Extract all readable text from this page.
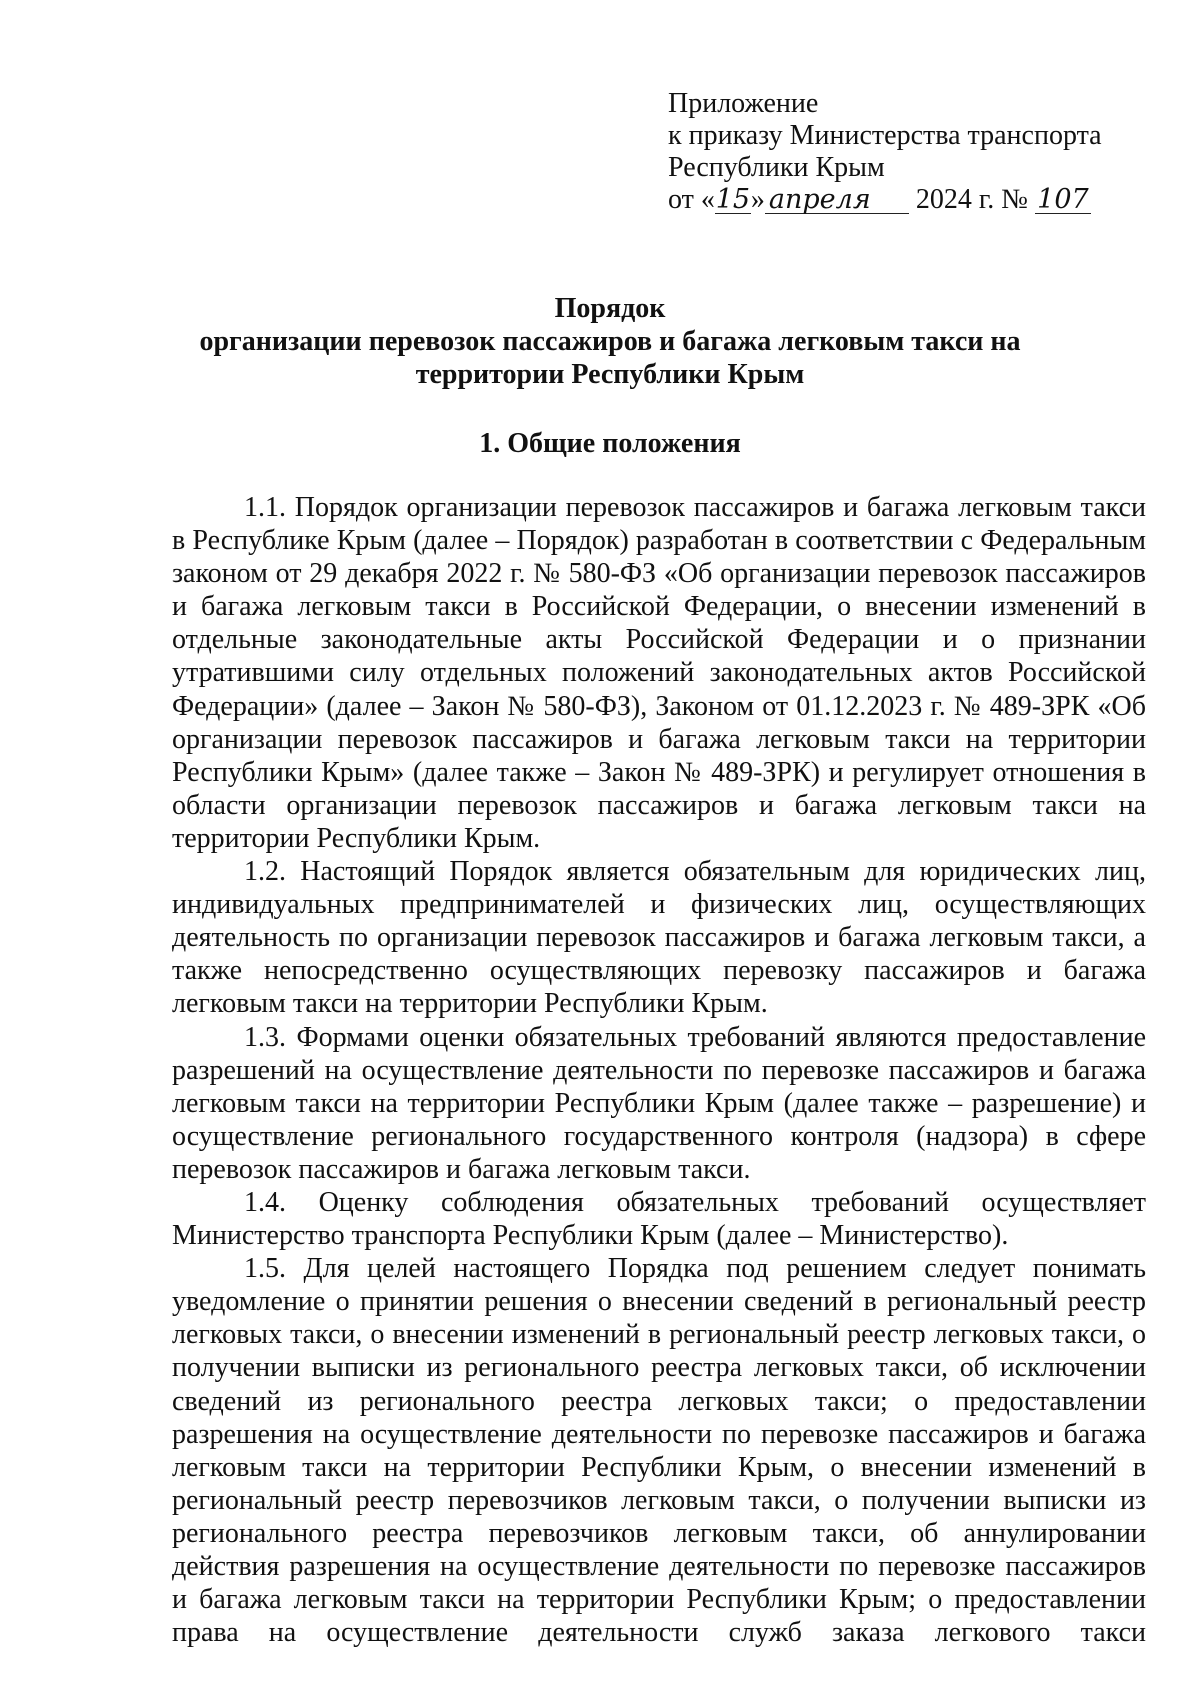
Приложение
к приказу Министерства транспорта
Республики Крым
от «15» апреля 2024 г. № 107
Порядок
организации перевозок пассажиров и багажа легковым такси на
территории Республики Крым
1. Общие положения

1.1. Порядок организации перевозок пассажиров и багажа легковым такси в Республике Крым (далее – Порядок) разработан в соответствии с Федеральным законом от 29 декабря 2022 г. № 580-ФЗ «Об организации перевозок пассажиров и багажа легковым такси в Российской Федерации, о внесении изменений в отдельные законодательные акты Российской Федерации и о признании утратившими силу отдельных положений законодательных актов Российской Федерации» (далее – Закон № 580-ФЗ), Законом от 01.12.2023 г. № 489-ЗРК «Об организации перевозок пассажиров и багажа легковым такси на территории Республики Крым» (далее также – Закон № 489-ЗРК) и регулирует отношения в области организации перевозок пассажиров и багажа легковым такси на территории Республики Крым.

1.2. Настоящий Порядок является обязательным для юридических лиц, индивидуальных предпринимателей и физических лиц, осуществляющих деятельность по организации перевозок пассажиров и багажа легковым такси, а также непосредственно осуществляющих перевозку пассажиров и багажа легковым такси на территории Республики Крым.

1.3. Формами оценки обязательных требований являются предоставление разрешений на осуществление деятельности по перевозке пассажиров и багажа легковым такси на территории Республики Крым (далее также – разрешение) и осуществление регионального государственного контроля (надзора) в сфере перевозок пассажиров и багажа легковым такси.

1.4. Оценку соблюдения обязательных требований осуществляет Министерство транспорта Республики Крым (далее – Министерство).

1.5. Для целей настоящего Порядка под решением следует понимать уведомление о принятии решения о внесении сведений в региональный реестр легковых такси, о внесении изменений в региональный реестр легковых такси, о получении выписки из регионального реестра легковых такси, об исключении сведений из регионального реестра легковых такси; о предоставлении разрешения на осуществление деятельности по перевозке пассажиров и багажа легковым такси на территории Республики Крым, о внесении изменений в региональный реестр перевозчиков легковым такси, о получении выписки из регионального реестра перевозчиков легковым такси, об аннулировании действия разрешения на осуществление деятельности по перевозке пассажиров и багажа легковым такси на территории Республики Крым; о предоставлении права на осуществление деятельности служб заказа легкового такси
